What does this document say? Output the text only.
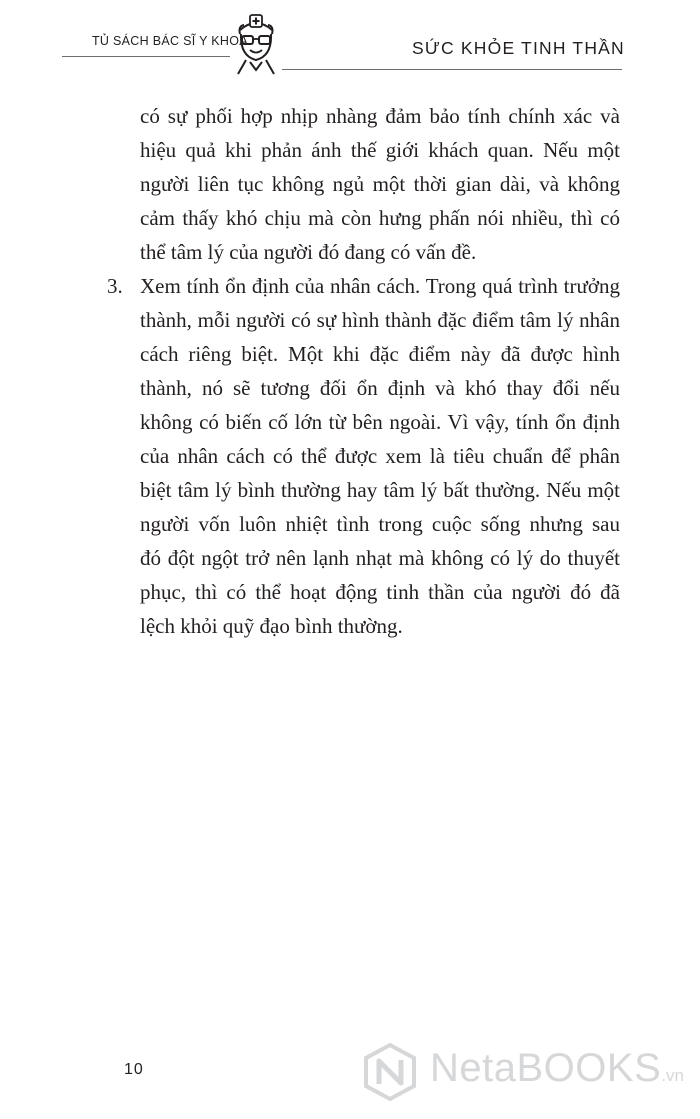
TỦ SÁCH BÁC SĨ Y KHOA	SỨC KHỎE TINH THẦN
có sự phối hợp nhịp nhàng đảm bảo tính chính xác và
hiệu quả khi phản ánh thế giới khách quan. Nếu một
người liên tục không ngủ một thời gian dài, và không
cảm thấy khó chịu mà còn hưng phấn nói nhiều, thì có
thể tâm lý của người đó đang có vấn đề.
3. Xem tính ổn định của nhân cách. Trong quá trình trưởng
thành, mỗi người có sự hình thành đặc điểm tâm lý nhân
cách riêng biệt. Một khi đặc điểm này đã được hình
thành, nó sẽ tương đối ổn định và khó thay đổi nếu
không có biến cố lớn từ bên ngoài. Vì vậy, tính ổn định
của nhân cách có thể được xem là tiêu chuẩn để phân
biệt tâm lý bình thường hay tâm lý bất thường. Nếu một
người vốn luôn nhiệt tình trong cuộc sống nhưng sau
đó đột ngột trở nên lạnh nhạt mà không có lý do thuyết
phục, thì có thể hoạt động tinh thần của người đó đã
lệch khỏi quỹ đạo bình thường.
10	NetaBOOKS.vn
